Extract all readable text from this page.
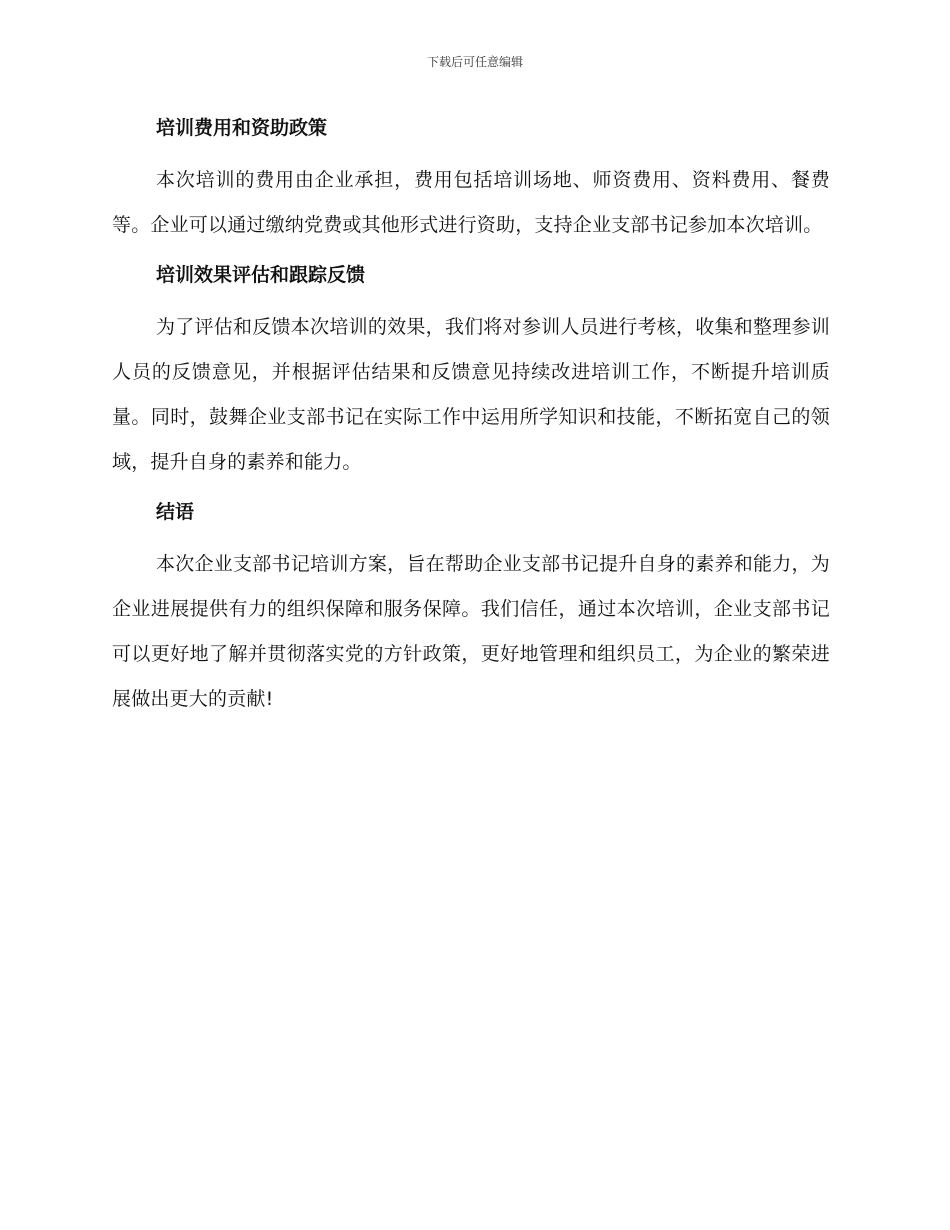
下载后可任意编辑
培训费用和资助政策

本次培训的费用由企业承担，费用包括培训场地、师资费用、资料费用、餐费等。企业可以通过缴纳党费或其他形式进行资助，支持企业支部书记参加本次培训。

培训效果评估和跟踪反馈

为了评估和反馈本次培训的效果，我们将对参训人员进行考核，收集和整理参训人员的反馈意见，并根据评估结果和反馈意见持续改进培训工作，不断提升培训质量。同时，鼓舞企业支部书记在实际工作中运用所学知识和技能，不断拓宽自己的领域，提升自身的素养和能力。

结语

本次企业支部书记培训方案，旨在帮助企业支部书记提升自身的素养和能力，为企业进展提供有力的组织保障和服务保障。我们信任，通过本次培训，企业支部书记可以更好地了解并贯彻落实党的方针政策，更好地管理和组织员工，为企业的繁荣进展做出更大的贡献!
